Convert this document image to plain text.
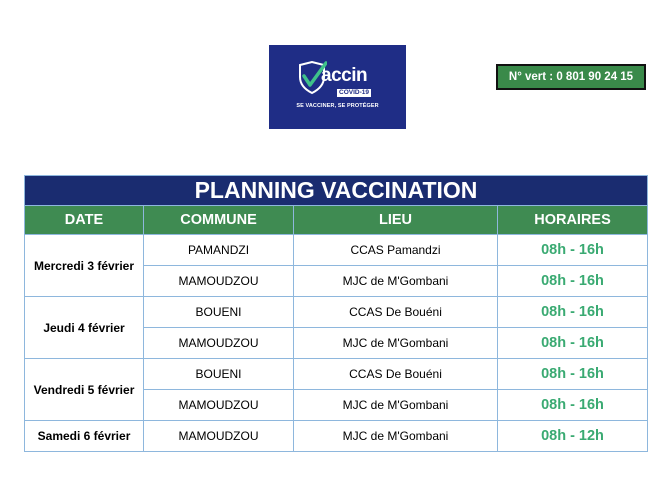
accin
COVID-19
SE VACCINER, SE PROTÉGER
N° vert : 0 801 90 24 15
PLANNING VACCINATION			
DATE	COMMUNE	LIEU	HORAIRES
Mercredi 3 février	PAMANDZI	CCAS Pamandzi	08h - 16h
	MAMOUDZOU	MJC de M'Gombani	08h - 16h
Jeudi 4 février	BOUENI	CCAS De Bouéni	08h - 16h
	MAMOUDZOU	MJC de M'Gombani	08h - 16h
Vendredi 5 février	BOUENI	CCAS De Bouéni	08h - 16h
	MAMOUDZOU	MJC de M'Gombani	08h - 16h
Samedi 6 février	MAMOUDZOU	MJC de M'Gombani	08h - 12h
